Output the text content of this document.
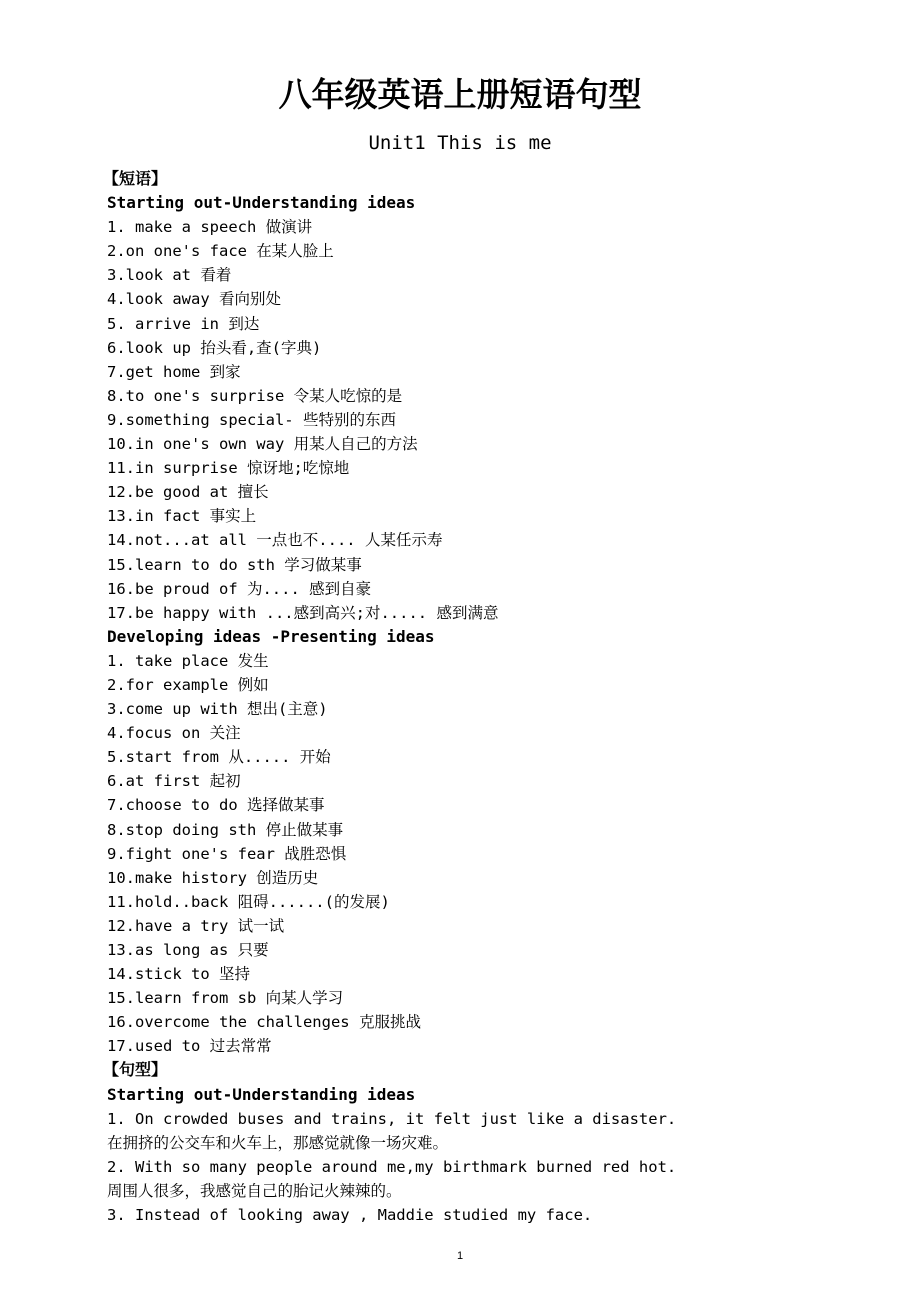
八年级英语上册短语句型
Unit1 This is me
【短语】
Starting out-Understanding ideas
1. make a speech 做演讲
2.on one's face 在某人脸上
3.look at 看着
4.look away 看向别处
5. arrive in 到达
6.look up 抬头看,查(字典)
7.get home 到家
8.to one's surprise 令某人吃惊的是
9.something special- 些特别的东西
10.in one's own way 用某人自己的方法
11.in surprise 惊讶地;吃惊地
12.be good at 擅长
13.in fact 事实上
14.not...at all 一点也不.... 人某任示寿
15.learn to do sth 学习做某事
16.be proud of 为.... 感到自豪
17.be happy with ...感到高兴;对..... 感到满意
Developing ideas -Presenting ideas
1. take place 发生
2.for example 例如
3.come up with 想出(主意)
4.focus on 关注
5.start from 从..... 开始
6.at first 起初
7.choose to do 选择做某事
8.stop doing sth 停止做某事
9.fight one's fear 战胜恐惧
10.make history 创造历史
11.hold..back 阻碍......(的发展)
12.have a try 试一试
13.as long as 只要
14.stick to 坚持
15.learn from sb 向某人学习
16.overcome the challenges 克服挑战
17.used to 过去常常
【句型】
Starting out-Understanding ideas
1. On crowded buses and trains, it felt just like a disaster.
在拥挤的公交车和火车上，那感觉就像一场灾难。
2. With so many people around me,my birthmark burned red hot.
周围人很多，我感觉自己的胎记火辣辣的。
3. Instead of looking away , Maddie studied my face.
1
